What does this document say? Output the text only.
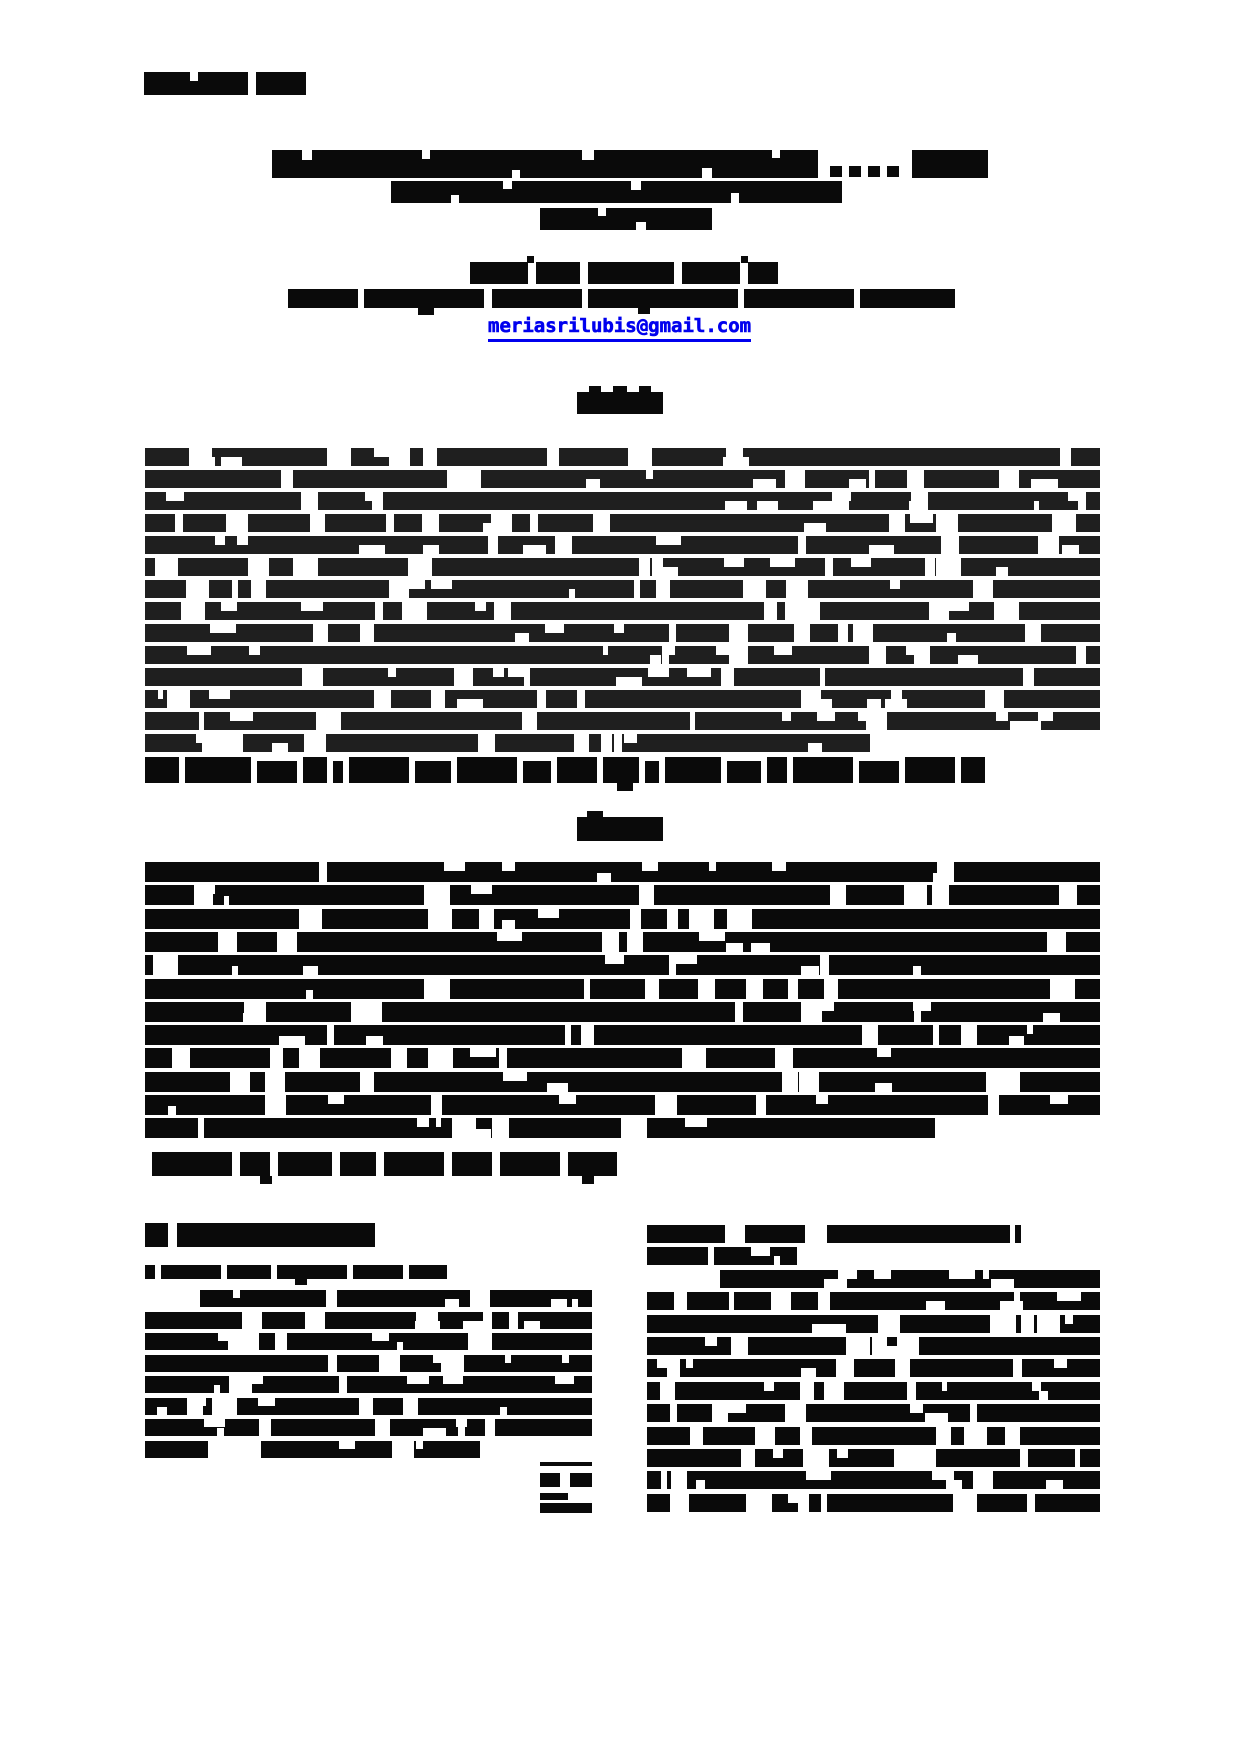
meriasrilubis@gmail.com
